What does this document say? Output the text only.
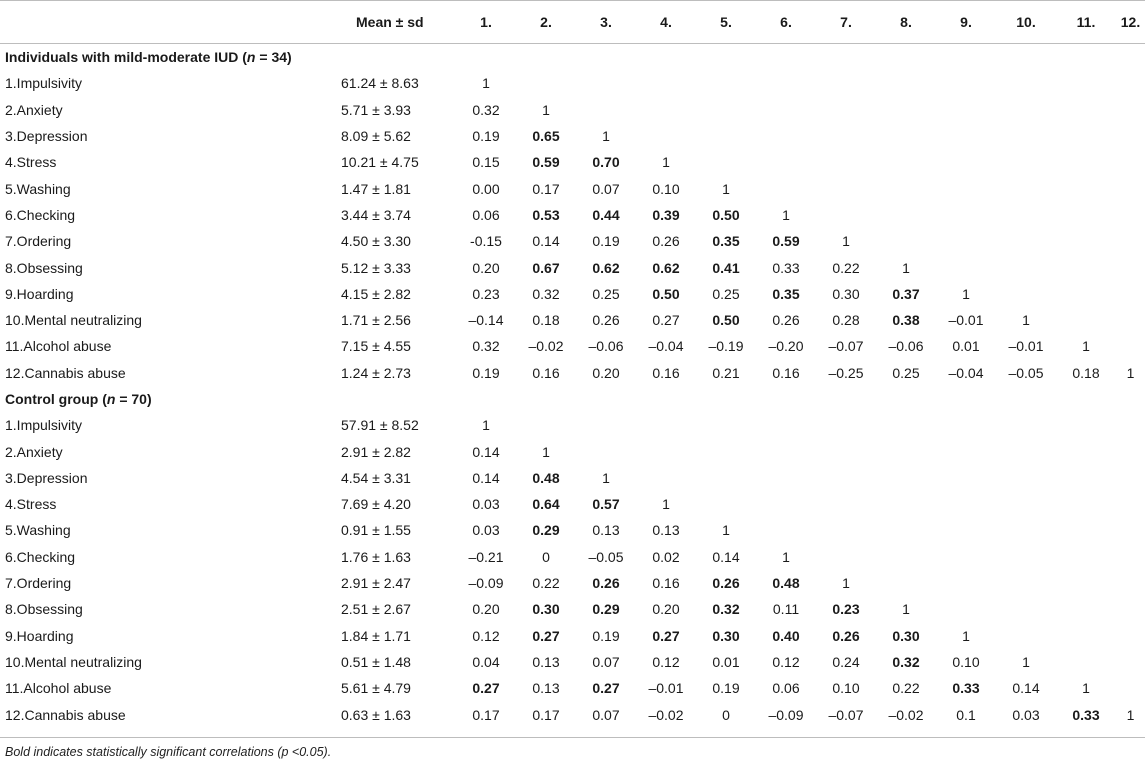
	Mean ± sd	1.	2.	3.	4.	5.	6.	7.	8.	9.	10.	11.	12.
Individuals with mild-moderate IUD (n = 34)													
1.Impulsivity	61.24 ± 8.63	1											
2.Anxiety	5.71 ± 3.93	0.32	1										
3.Depression	8.09 ± 5.62	0.19	0.65	1									
4.Stress	10.21 ± 4.75	0.15	0.59	0.70	1								
5.Washing	1.47 ± 1.81	0.00	0.17	0.07	0.10	1							
6.Checking	3.44 ± 3.74	0.06	0.53	0.44	0.39	0.50	1						
7.Ordering	4.50 ± 3.30	-0.15	0.14	0.19	0.26	0.35	0.59	1					
8.Obsessing	5.12 ± 3.33	0.20	0.67	0.62	0.62	0.41	0.33	0.22	1				
9.Hoarding	4.15 ± 2.82	0.23	0.32	0.25	0.50	0.25	0.35	0.30	0.37	1			
10.Mental neutralizing	1.71 ± 2.56	–0.14	0.18	0.26	0.27	0.50	0.26	0.28	0.38	–0.01	1		
11.Alcohol abuse	7.15 ± 4.55	0.32	–0.02	–0.06	–0.04	–0.19	–0.20	–0.07	–0.06	0.01	–0.01	1	
12.Cannabis abuse	1.24 ± 2.73	0.19	0.16	0.20	0.16	0.21	0.16	–0.25	0.25	–0.04	–0.05	0.18	1
Control group (n = 70)													
1.Impulsivity	57.91 ± 8.52	1											
2.Anxiety	2.91 ± 2.82	0.14	1										
3.Depression	4.54 ± 3.31	0.14	0.48	1									
4.Stress	7.69 ± 4.20	0.03	0.64	0.57	1								
5.Washing	0.91 ± 1.55	0.03	0.29	0.13	0.13	1							
6.Checking	1.76 ± 1.63	–0.21	0	–0.05	0.02	0.14	1						
7.Ordering	2.91 ± 2.47	–0.09	0.22	0.26	0.16	0.26	0.48	1					
8.Obsessing	2.51 ± 2.67	0.20	0.30	0.29	0.20	0.32	0.11	0.23	1				
9.Hoarding	1.84 ± 1.71	0.12	0.27	0.19	0.27	0.30	0.40	0.26	0.30	1			
10.Mental neutralizing	0.51 ± 1.48	0.04	0.13	0.07	0.12	0.01	0.12	0.24	0.32	0.10	1		
11.Alcohol abuse	5.61 ± 4.79	0.27	0.13	0.27	–0.01	0.19	0.06	0.10	0.22	0.33	0.14	1	
12.Cannabis abuse	0.63 ± 1.63	0.17	0.17	0.07	–0.02	0	–0.09	–0.07	–0.02	0.1	0.03	0.33	1
Bold indicates statistically significant correlations (p <0.05).
